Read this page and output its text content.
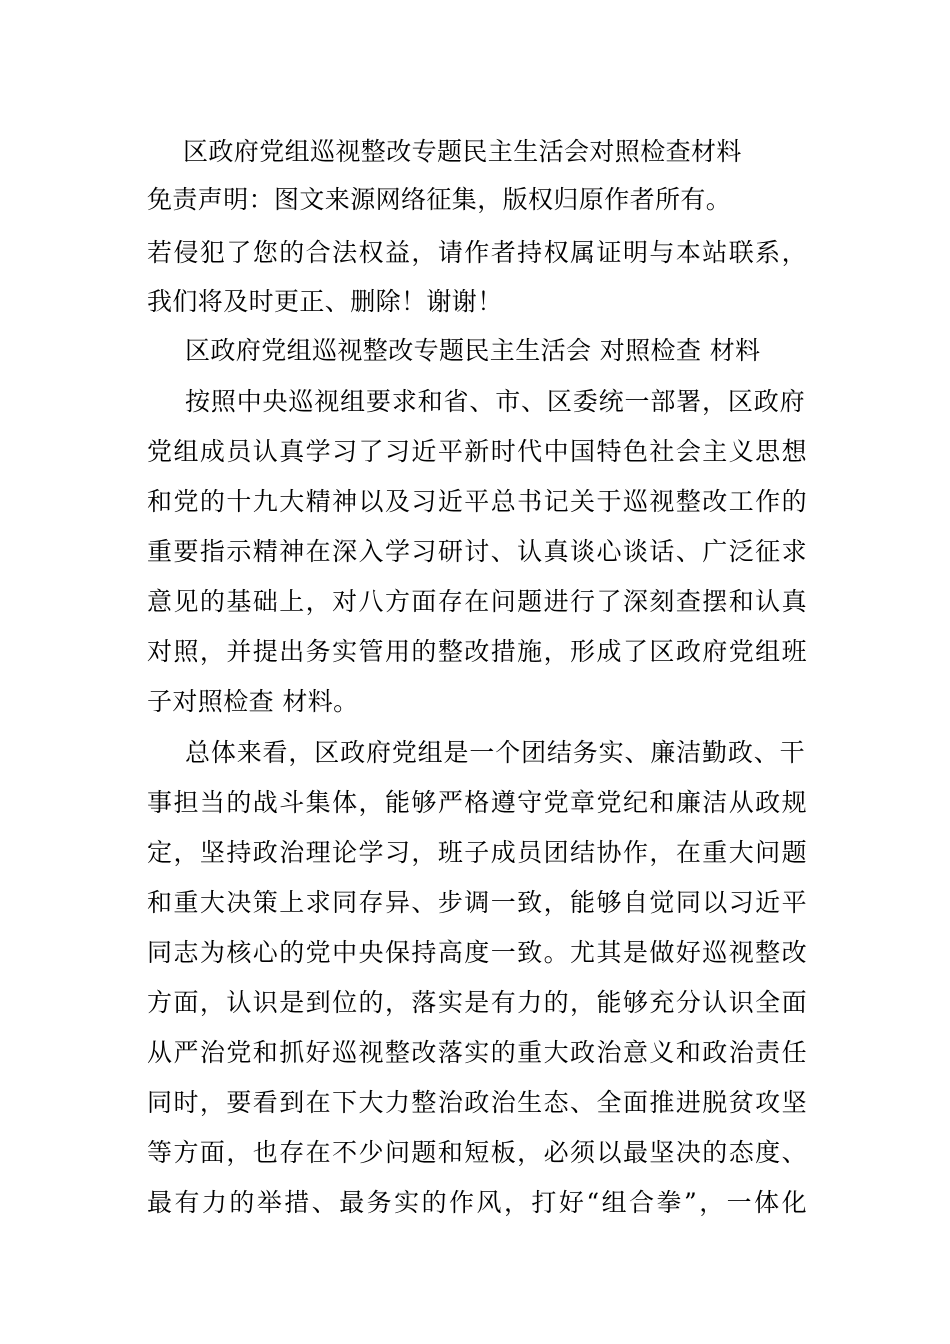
区政府党组巡视整改专题民主生活会对照检查材料
免责声明：图文来源网络征集，版权归原作者所有。
若侵犯了您的合法权益，请作者持权属证明与本站联系，
我们将及时更正、删除！谢谢！
区政府党组巡视整改专题民主生活会 对照检查 材料
按照中央巡视组要求和省、市、区委统一部署，区政府
党组成员认真学习了习近平新时代中国特色社会主义思想
和党的十九大精神以及习近平总书记关于巡视整改工作的
重要指示精神在深入学习研讨、认真谈心谈话、广泛征求
意见的基础上，对八方面存在问题进行了深刻查摆和认真
对照，并提出务实管用的整改措施，形成了区政府党组班
子对照检查 材料。
总体来看，区政府党组是一个团结务实、廉洁勤政、干
事担当的战斗集体，能够严格遵守党章党纪和廉洁从政规
定，坚持政治理论学习，班子成员团结协作，在重大问题
和重大决策上求同存异、步调一致，能够自觉同以习近平
同志为核心的党中央保持高度一致。尤其是做好巡视整改
方面，认识是到位的，落实是有力的，能够充分认识全面
从严治党和抓好巡视整改落实的重大政治意义和政治责任
同时，要看到在下大力整治政治生态、全面推进脱贫攻坚
等方面，也存在不少问题和短板，必须以最坚决的态度、
最有力的举措、最务实的作风，打好“组合拳”，一体化
